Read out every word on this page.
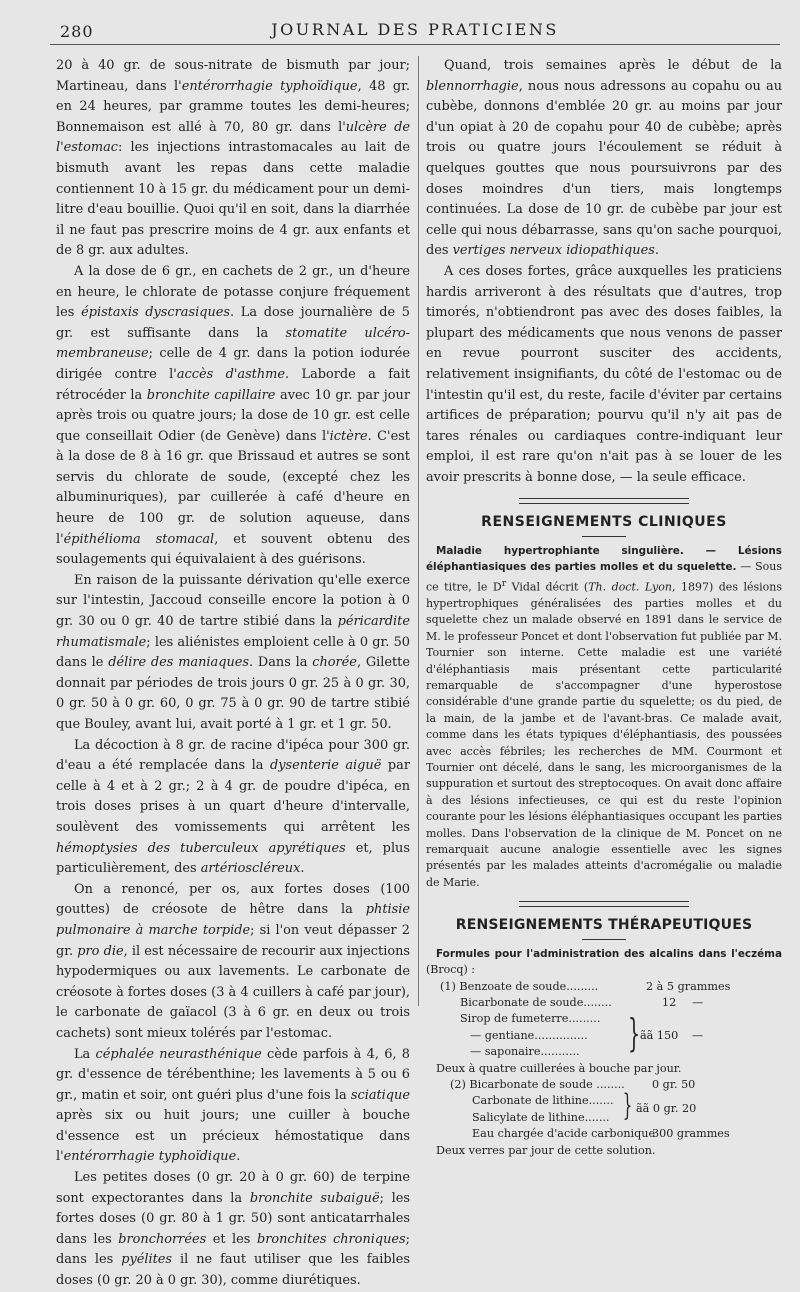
280	JOURNAL DES PRATICIENS

20 à 40 gr. de sous-nitrate de bismuth par jour; Martineau, dans l'entérorrhagie typhoïdique, 48 gr. en 24 heures, par gramme toutes les demi-heures; Bonnemaison est allé à 70, 80 gr. dans l'ulcère de l'estomac: les injections intrastomacales au lait de bismuth avant les repas dans cette maladie contiennent 10 à 15 gr. du médicament pour un demi-litre d'eau bouillie. Quoi qu'il en soit, dans la diarrhée il ne faut pas prescrire moins de 4 gr. aux enfants et de 8 gr. aux adultes.

A la dose de 6 gr., en cachets de 2 gr., un d'heure en heure, le chlorate de potasse conjure fréquement les épistaxis dyscrasiques. La dose journalière de 5 gr. est suffisante dans la stomatite ulcéro-membraneuse; celle de 4 gr. dans la potion iodurée dirigée contre l'accès d'asthme. Laborde a fait rétrocéder la bronchite capillaire avec 10 gr. par jour après trois ou quatre jours; la dose de 10 gr. est celle que conseillait Odier (de Genève) dans l'ictère. C'est à la dose de 8 à 16 gr. que Brissaud et autres se sont servis du chlorate de soude, (excepté chez les albuminuriques), par cuillerée à café d'heure en heure de 100 gr. de solution aqueuse, dans l'épithélioma stomacal, et souvent obtenu des soulagements qui équivalaient à des guérisons.

En raison de la puissante dérivation qu'elle exerce sur l'intestin, Jaccoud conseille encore la potion à 0 gr. 30 ou 0 gr. 40 de tartre stibié dans la péricardite rhumatismale; les aliénistes emploient celle à 0 gr. 50 dans le délire des maniaques. Dans la chorée, Gilette donnait par périodes de trois jours 0 gr. 25 à 0 gr. 30, 0 gr. 50 à 0 gr. 60, 0 gr. 75 à 0 gr. 90 de tartre stibié que Bouley, avant lui, avait porté à 1 gr. et 1 gr. 50.

La décoction à 8 gr. de racine d'ipéca pour 300 gr. d'eau a été remplacée dans la dysenterie aiguë par celle à 4 et à 2 gr.; 2 à 4 gr. de poudre d'ipéca, en trois doses prises à un quart d'heure d'intervalle, soulèvent des vomissements qui arrêtent les hémoptysies des tuberculeux apyrétiques et, plus particulièrement, des artérioscléreux.

On a renoncé, per os, aux fortes doses (100 gouttes) de créosote de hêtre dans la phtisie pulmonaire à marche torpide; si l'on veut dépasser 2 gr. pro die, il est nécessaire de recourir aux injections hypodermiques ou aux lavements. Le carbonate de créosote à fortes doses (3 à 4 cuillers à café par jour), le carbonate de gaïacol (3 à 6 gr. en deux ou trois cachets) sont mieux tolérés par l'estomac.

La céphalée neurasthénique cède parfois à 4, 6, 8 gr. d'essence de térébenthine; les lavements à 5 ou 6 gr., matin et soir, ont guéri plus d'une fois la sciatique après six ou huit jours; une cuiller à bouche d'essence est un précieux hémostatique dans l'entérorrhagie typhoïdique.

Les petites doses (0 gr. 20 à 0 gr. 60) de terpine sont expectorantes dans la bronchite subaiguë; les fortes doses (0 gr. 80 à 1 gr. 50) sont anticatarrhales dans les bronchorrées et les bronchites chroniques; dans les pyélites il ne faut utiliser que les faibles doses (0 gr. 20 à 0 gr. 30), comme diurétiques.

Quand, trois semaines après le début de la blennorrhagie, nous nous adressons au copahu ou au cubèbe, donnons d'emblée 20 gr. au moins par jour d'un opiat à 20 de copahu pour 40 de cubèbe; après trois ou quatre jours l'écoulement se réduit à quelques gouttes que nous poursuivrons par des doses moindres d'un tiers, mais longtemps continuées. La dose de 10 gr. de cubèbe par jour est celle qui nous débarrasse, sans qu'on sache pourquoi, des vertiges nerveux idiopathiques.

A ces doses fortes, grâce auxquelles les praticiens hardis arriveront à des résultats que d'autres, trop timorés, n'obtiendront pas avec des doses faibles, la plupart des médicaments que nous venons de passer en revue pourront susciter des accidents, relativement insignifiants, du côté de l'estomac ou de l'intestin qu'il est, du reste, facile d'éviter par certains artifices de préparation; pourvu qu'il n'y ait pas de tares rénales ou cardiaques contre-indiquant leur emploi, il est rare qu'on n'ait pas à se louer de les avoir prescrits à bonne dose, — la seule efficace.

RENSEIGNEMENTS CLINIQUES

Maladie hypertrophiante singulière. — Lésions éléphantiasiques des parties molles et du squelette. — Sous ce titre, le $D^r$ Vidal décrit (Th. doct. Lyon, 1897) des lésions hypertrophiques généralisées des parties molles et du squelette chez un malade observé en 1891 dans le service de M. le professeur Poncet et dont l'observation fut publiée par M. Tournier son interne. Cette maladie est une variété d'éléphantiasis mais présentant cette particularité remarquable de s'accompagner d'une hyperostose considérable d'une grande partie du squelette; os du pied, de la main, de la jambe et de l'avant-bras. Ce malade avait, comme dans les états typiques d'éléphantiasis, des poussées avec accès fébriles; les recherches de MM. Courmont et Tournier ont décelé, dans le sang, les microorganismes de la suppuration et surtout des streptocoques. On avait donc affaire à des lésions infectieuses, ce qui est du reste l'opinion courante pour les lésions éléphantiasiques occupant les parties molles. Dans l'observation de la clinique de M. Poncet on ne remarquait aucune analogie essentielle avec les signes présentés par les malades atteints d'acromégalie ou maladie de Marie.

RENSEIGNEMENTS THÉRAPEUTIQUES

Formules pour l'administration des alcalins dans l'eczéma (Brocq) :

(1) Benzoate de soude.........	2 à 5 grammes
Bicarbonate de soude........	12 —
Sirop de fumeterre.........
— gentiane............... } ãã 150 —
— saponaire...........
Deux à quatre cuillerées à bouche par jour.
(2) Bicarbonate de soude ........ 0 gr. 50
Carbonate de lithine....... } ãã 0 gr. 20
Salicylate de lithine.......
Eau chargée d'acide carbonique
300 grammes
Deux verres par jour de cette solution.
